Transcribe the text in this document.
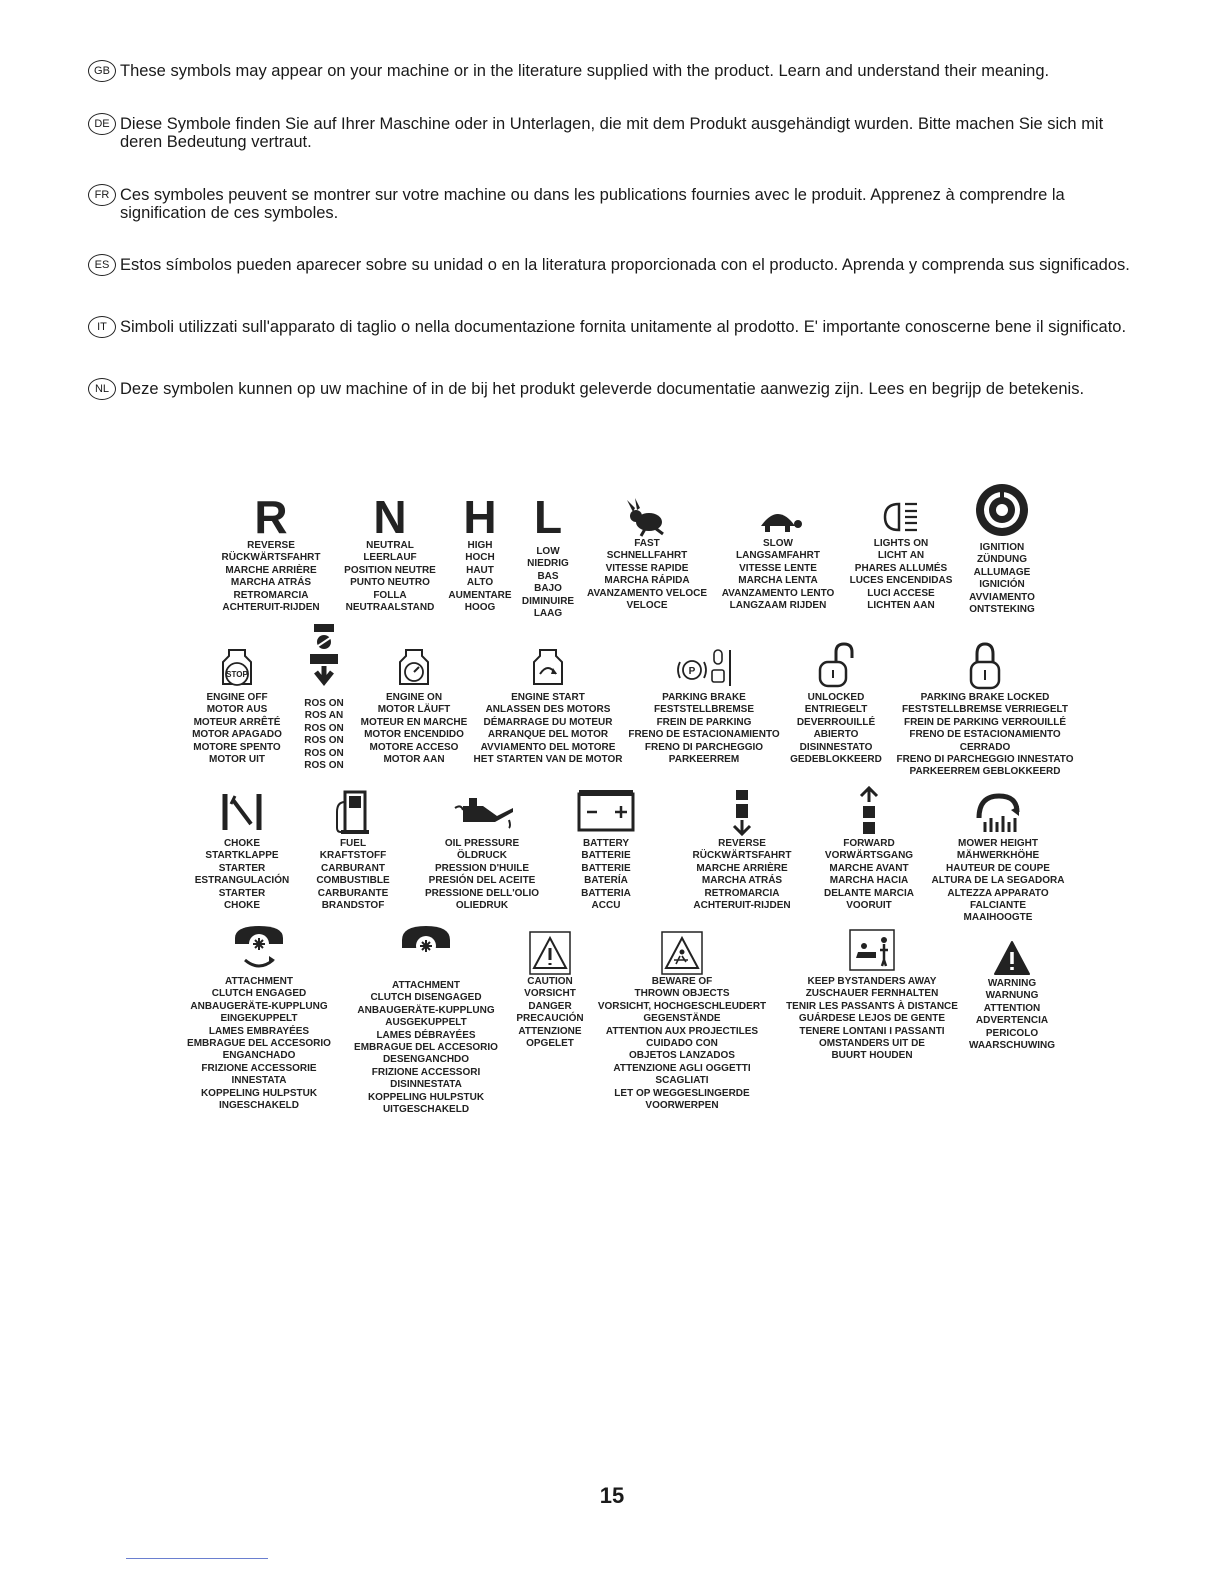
GB These symbols may appear on your machine or in the literature supplied with the product. Learn and understand their meaning.
DE Diese Symbole finden Sie auf Ihrer Maschine oder in Unterlagen, die mit dem Produkt ausgehändigt wurden. Bitte machen Sie sich mit deren Bedeutung vertraut.
FR Ces symboles peuvent se montrer sur votre machine ou dans les publications fournies avec le produit. Apprenez à comprendre la signification de ces symboles.
ES Estos símbolos pueden aparecer sobre su unidad o en la literatura proporcionada con el producto. Aprenda y comprenda sus significados.
IT Simboli utilizzati sull'apparato di taglio o nella documentazione fornita unitamente al prodotto. E' importante conoscerne bene il significato.
NL Deze symbolen kunnen op uw machine of in de bij het produkt geleverde documentatie aanwezig zijn. Lees en begrijp de betekenis.
R
REVERSE
RÜCKWÄRTSFAHRT
MARCHE ARRIÈRE
MARCHA ATRÁS
RETROMARCIA
ACHTERUIT-RIJDEN
N
NEUTRAL
LEERLAUF
POSITION NEUTRE
PUNTO NEUTRO
FOLLA
NEUTRAALSTAND
H
HIGH
HOCH
HAUT
ALTO
AUMENTARE
HOOG
L
LOW
NIEDRIG
BAS
BAJO
DIMINUIRE
LAAG
FAST
SCHNELLFAHRT
VITESSE RAPIDE
MARCHA RÁPIDA
AVANZAMENTO VELOCE
VELOCE
SLOW
LANGSAMFAHRT
VITESSE LENTE
MARCHA LENTA
AVANZAMENTO LENTO
LANGZAAM RIJDEN
LIGHTS ON
LICHT AN
PHARES ALLUMÉS
LUCES ENCENDIDAS
LUCI ACCESE
LICHTEN AAN
IGNITION
ZÜNDUNG
ALLUMAGE
IGNICIÓN
AVVIAMENTO
ONTSTEKING
STOP
ENGINE OFF
MOTOR AUS
MOTEUR ARRÊTÉ
MOTOR APAGADO
MOTORE SPENTO
MOTOR UIT
ROS ON
ROS AN
ROS ON
ROS ON
ROS ON
ROS ON
ENGINE ON
MOTOR LÄUFT
MOTEUR EN MARCHE
MOTOR ENCENDIDO
MOTORE ACCESO
MOTOR AAN
ENGINE START
ANLASSEN DES MOTORS
DÉMARRAGE DU MOTEUR
ARRANQUE DEL MOTOR
AVVIAMENTO DEL MOTORE
HET STARTEN VAN DE MOTOR
P
PARKING BRAKE
FESTSTELLBREMSE
FREIN DE PARKING
FRENO DE ESTACIONAMIENTO
FRENO DI PARCHEGGIO
PARKEERREM
UNLOCKED
ENTRIEGELT
DEVERROUILLÉ
ABIERTO
DISINNESTATO
GEDEBLOKKEERD
PARKING BRAKE LOCKED
FESTSTELLBREMSE VERRIEGELT
FREIN DE PARKING VERROUILLÉ
FRENO DE ESTACIONAMIENTO
CERRADO
FRENO DI PARCHEGGIO INNESTATO
PARKEERREM GEBLOKKEERD
CHOKE
STARTKLAPPE
STARTER
ESTRANGULACIÓN
STARTER
CHOKE
FUEL
KRAFTSTOFF
CARBURANT
COMBUSTIBLE
CARBURANTE
BRANDSTOF
OIL PRESSURE
ÖLDRUCK
PRESSION D'HUILE
PRESIÓN DEL ACEITE
PRESSIONE DELL'OLIO
OLIEDRUK
BATTERY
BATTERIE
BATTERIE
BATERÍA
BATTERIA
ACCU
REVERSE
RÜCKWÄRTSFAHRT
MARCHE ARRIÈRE
MARCHA ATRÁS
RETROMARCIA
ACHTERUIT-RIJDEN
FORWARD
VORWÄRTSGANG
MARCHE AVANT
MARCHA HACIA
DELANTE MARCIA
VOORUIT
MOWER HEIGHT
MÄHWERKHÖHE
HAUTEUR DE COUPE
ALTURA DE LA SEGADORA
ALTEZZA APPARATO
FALCIANTE
MAAIHOOGTE
ATTACHMENT
CLUTCH ENGAGED
ANBAUGERÄTE-KUPPLUNG
EINGEKUPPELT
LAMES EMBRAYÉES
EMBRAGUE DEL ACCESORIO
ENGANCHADO
FRIZIONE ACCESSORIE
INNESTATA
KOPPELING HULPSTUK
INGESCHAKELD
ATTACHMENT
CLUTCH DISENGAGED
ANBAUGERÄTE-KUPPLUNG
AUSGEKUPPELT
LAMES DÉBRAYÉES
EMBRAGUE DEL ACCESORIO
DESENGANCHDO
FRIZIONE ACCESSORI
DISINNESTATA
KOPPELING HULPSTUK
UITGESCHAKELD
CAUTION
VORSICHT
DANGER
PRECAUCIÓN
ATTENZIONE
OPGELET
BEWARE OF
THROWN OBJECTS
VORSICHT, HOCHGESCHLEUDERT
GEGENSTÄNDE
ATTENTION AUX PROJECTILES
CUIDADO CON
OBJETOS LANZADOS
ATTENZIONE AGLI OGGETTI
SCAGLIATI
LET OP WEGGESLINGERDE
VOORWERPEN
KEEP BYSTANDERS AWAY
ZUSCHAUER FERNHALTEN
TENIR LES PASSANTS À DISTANCE
GUÁRDESE LEJOS DE GENTE
TENERE LONTANI I PASSANTI
OMSTANDERS UIT DE
BUURT HOUDEN
WARNING
WARNUNG
ATTENTION
ADVERTENCIA
PERICOLO
WAARSCHUWING
15
